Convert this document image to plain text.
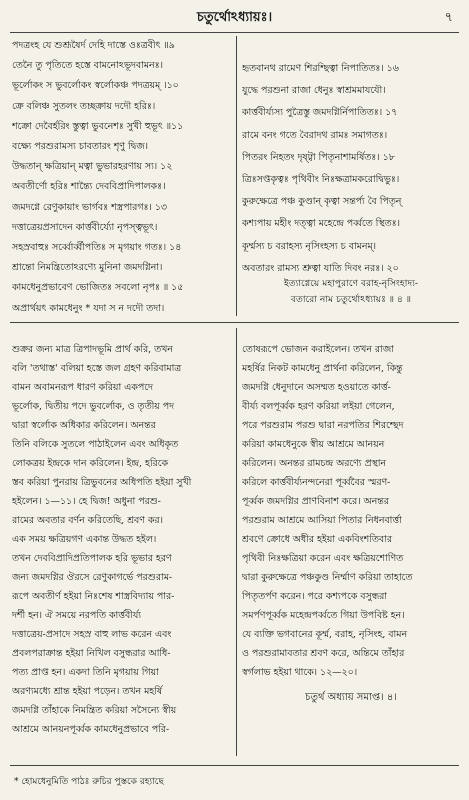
চতুর্থোঽধ্যায়ঃ।	৭
পদত্রংহ যে শুশ্রূষৈর্দ দেহি দাস্তে ওঃত্রবীৎ ॥৯
তেনৈ তু পৃতিতে হস্তে বামনোঽভূদবামনঃ।
ভূর্লোকং স ভুবর্লোকং স্বর্লোকঞ্চ পদত্রয়ম্‌ ।১০
ক্রে বলিঞ্চ সুতলং তচ্ছক্রায় দদৌ হরিঃ।
শক্রো দেবৈর্হরিং স্তুত্বা ভুবনেশঃ সুখী হুভূৎ ॥১১
বক্ষ্যে পরশুরামস্য চাবতারং শৃণু দ্বিজ।
উদ্ধতান্‌ ক্ষত্রিয়ান্‌ মত্বা ভুভারহরণায় স্য। ১২
অবতীর্ণো হরিঃ শান্ত্যৈ দেববিপ্রাদিপালকঃ।
জমদগ্নে রেণুকায়াং ভার্গবঃ শস্ত্রপারগঃ। ১৩
দত্তাত্রেয়প্রসাদেন কার্ত্তবীর্য্যো নৃপস্ত্বভূৎ।
সহস্রবাহুঃ সর্ব্বোর্ব্বীপতিঃ স মৃগয়াং গতঃ। ১৪
শ্রান্তো নিমন্ত্রিতোঽরণ্যে মুনিনা জমদগ্নিনা।
কামধেনুপ্রভাবেণ ভোজিতঃ সবলো নৃপঃ ॥ ১৫
অপ্রার্থয়ৎ কামধেনুং * যদা স ন দদৌ তদা।
হৃতবানথ রামেণ শিরশ্ছিত্বা নিপাতিতঃ। ১৬
যুদ্ধে পরশুনা রাজা ধেনুঃ স্বাশ্রমমাযযৌ।
কার্ত্তবীর্য্যস্য পুত্রৈস্তু জমদগ্নির্নিপাতিতঃ। ১৭
রামে বনং গতে বৈরাদথ রামঃ সমাগতঃ।
পিতরং নিহতং দৃষ্ট্বা পিতৃনাশামর্ষিতঃ। ১৮
ত্রিঃসপ্তকৃত্বঃ পৃথিবীং নিঃক্ষত্রামকরোদ্বিভুঃ।
কুরুক্ষেত্রে পঞ্চ কুণ্ডান্‌ কৃত্বা সন্তর্প্য বৈ পিতৃন্‌
কশ্যপায় মহীং দত্ত্বা মহেন্দ্রে পর্ব্বতে স্থিতঃ।
কূর্ম্মস্য চ বরাহস্য নৃসিংহস্য চ বামনম্‌।
অবতারং রামস্য শ্রুত্বা যাতি দিবং নরঃ। ২০
ইত্যাগ্নেয়ে মহাপুরাণে বরাহ-নৃসিংহাদ্য-
বতারো নাম চতুর্থোঽধ্যায়ঃ ॥ ৪ ॥
শুক্রর জন্য মাত্র ত্রিপাদভূমি প্রার্থ করি, তখন
বলি 'তথাস্ত' বলিয়া হস্তে জল গ্রহণ করিবামাত্র
বামন অবামনরূপ ধারণ করিয়া একপদে
ভূর্লোক, দ্বিতীয় পদে ভুবর্লোক, ও তৃতীয় পদ
দ্বারা স্বর্লোক অধিকার করিলেন। অনন্তর
তিনি বলিকে সুতলে পাঠাইলেন এবং অধিকৃত
লোকত্রয় ইন্দ্রকে দান করিলেন। ইন্দ্র, হরিকে
স্তব করিয়া পুনরায় ত্রিভুবনের অধিপতি হইয়া সুখী
হইলেন। ১—১১। হে দ্বিজ! অধুনা পরশু-
রামের অবতার বর্ণন করিতেছি, শ্রবণ কর।
এক সময় ক্ষত্রিয়গণ একান্ত উদ্ধত হইল।
তখন দেববিপ্রাদিপ্রতিপালক হরি ভূভার হরণ
জন্য জমদগ্নির ঔরসে রেণুকাগর্ভে পরশুরাম-
রূপে অবতীর্ণ হইয়া নিঃশেষ শাস্ত্রবিদ্যায় পার-
দর্শী হন। ঐ সময়ে নরপতি কার্ত্তবীর্য্য
দত্তাত্রেয়-প্রসাদে সহস্র বাহু লাভ করেন এবং
প্রবলপরাক্রান্ত হইয়া নিখিল বসুন্ধরার আধি-
পত্য প্রাপ্ত হন। একদা তিনি মৃগয়ায় গিয়া
অরণ্যমধ্যে শ্রান্ত হইয়া পড়েন। তখন মহর্ষি
জমদগ্নি তাঁহাকে নিমন্ত্রিত করিয়া সসৈন্যে স্বীয়
আশ্রমে আনয়নপূর্ব্বক কামধেনুপ্রভাবে পরি-
তোষরূপে ভোজন করাইলেন। তখন রাজা
মহর্ষির নিকট কামধেনু প্রার্থনা করিলেন, কিন্তু
জমদগ্নি ধেনুদানে অসম্মত হওয়াতে কার্ত্ত-
বীর্য্য বলপূর্ব্বক হরণ করিয়া লইয়া গেলেন,
পরে পরশুরাম পরশু দ্বারা নরপতির শিরশ্ছেদ
করিয়া কামধেনুকে স্বীয় আশ্রমে আনয়ন
করিলেন। অনন্তর রামচন্দ্র অরণ্যে প্রস্থান
করিলে কার্ত্তবীর্য্যনন্দনেরা পূর্ব্ববৈর স্মরণ-
পূর্ব্বক জমদগ্নির প্রাণবিনাশ করে। অনন্তর
পরশুরাম আশ্রমে আসিয়া পিতার নিধনবার্ত্তা
শ্রবণে ক্রোধে অধীর হইয়া একবিংশতিবার
পৃথিবী নিঃক্ষত্রিয়া করেন এবং ক্ষত্রিয়শোণিত
দ্বারা কুরুক্ষেত্রে পঞ্চকুণ্ড নির্ম্মাণ করিয়া তাহাতে
পিতৃতর্পণ করেন। পরে কশ্যপকে বসুন্ধরা
সমর্পণপূর্ব্বক মহেন্দ্রপর্ব্বতে গিয়া উপবিষ্ট হন।
যে ব্যক্তি ভগবানের কূর্ম্ম, বরাহ, নৃসিংহ, বামন
ও পরশুরামাবতার শ্রবণ করে, অন্তিমে তাঁহার
স্বর্গলাভ হইয়া থাকে। ১২—২০।
চতুর্থ অধ্যায় সমাপ্ত। ৪।
* হোমধেনুমিতি পাঠঃ রুচির পুস্তকে রহ্যাছে
